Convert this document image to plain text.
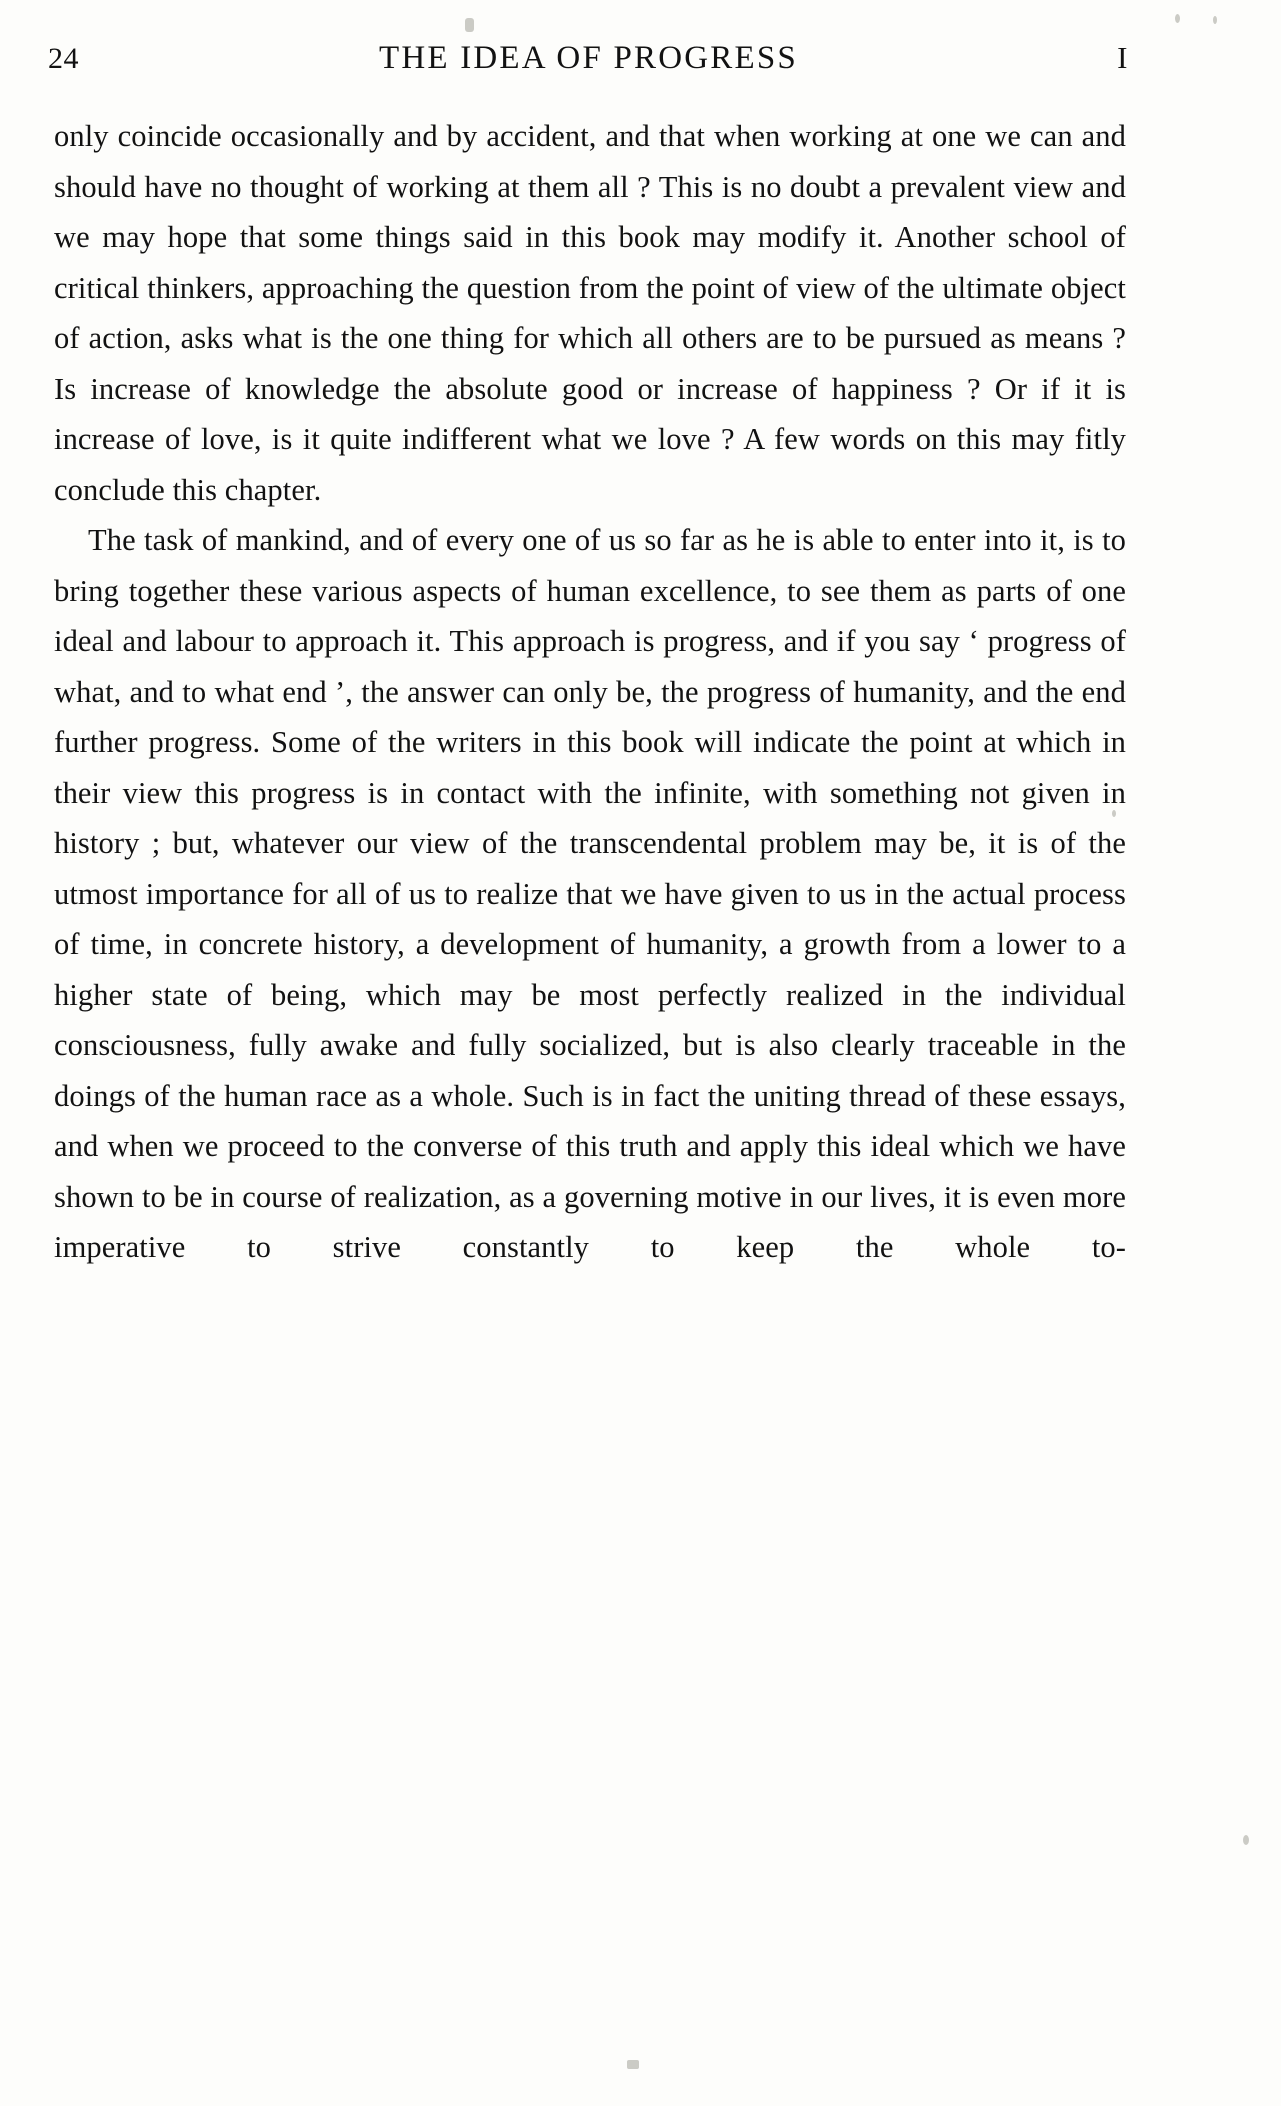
24	THE IDEA OF PROGRESS	I

only coincide occasionally and by accident, and that when working at one we can and should have no thought of working at them all ? This is no doubt a prevalent view and we may hope that some things said in this book may modify it. Another school of critical thinkers, approaching the question from the point of view of the ultimate object of action, asks what is the one thing for which all others are to be pursued as means ? Is increase of knowledge the absolute good or increase of happiness ? Or if it is increase of love, is it quite indifferent what we love ? A few words on this may fitly conclude this chapter.

The task of mankind, and of every one of us so far as he is able to enter into it, is to bring together these various aspects of human excellence, to see them as parts of one ideal and labour to approach it. This approach is progress, and if you say ‘ progress of what, and to what end ’, the answer can only be, the progress of humanity, and the end further progress. Some of the writers in this book will indicate the point at which in their view this progress is in contact with the infinite, with something not given in history ; but, whatever our view of the transcendental problem may be, it is of the utmost importance for all of us to realize that we have given to us in the actual process of time, in concrete history, a development of humanity, a growth from a lower to a higher state of being, which may be most perfectly realized in the individual consciousness, fully awake and fully socialized, but is also clearly traceable in the doings of the human race as a whole. Such is in fact the uniting thread of these essays, and when we proceed to the converse of this truth and apply this ideal which we have shown to be in course of realization, as a governing motive in our lives, it is even more imperative to strive constantly to keep the whole to-
